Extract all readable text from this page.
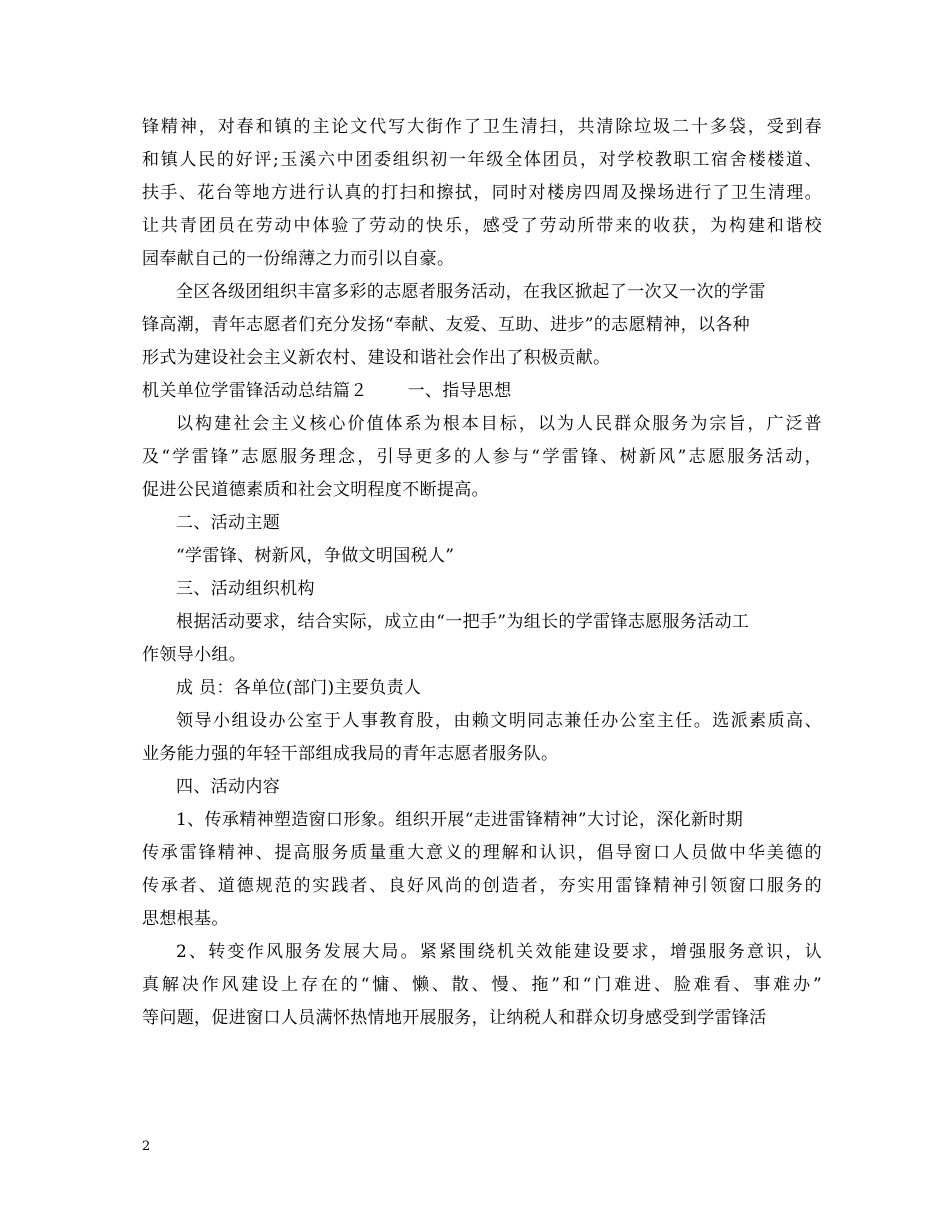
锋精神，对春和镇的主论文代写大街作了卫生清扫，共清除垃圾二十多袋，受到春
和镇人民的好评;玉溪六中团委组织初一年级全体团员，对学校教职工宿舍楼楼道、
扶手、花台等地方进行认真的打扫和擦拭，同时对楼房四周及操场进行了卫生清理。
让共青团员在劳动中体验了劳动的快乐，感受了劳动所带来的收获，为构建和谐校
园奉献自己的一份绵薄之力而引以自豪。
全区各级团组织丰富多彩的志愿者服务活动，在我区掀起了一次又一次的学雷
锋高潮，青年志愿者们充分发扬“奉献、友爱、互助、进步”的志愿精神，以各种
形式为建设社会主义新农村、建设和谐社会作出了积极贡献。
机关单位学雷锋活动总结篇２ 一、指导思想
以构建社会主义核心价值体系为根本目标，以为人民群众服务为宗旨，广泛普
及“学雷锋”志愿服务理念，引导更多的人参与“学雷锋、树新风”志愿服务活动，
促进公民道德素质和社会文明程度不断提高。
二、活动主题
“学雷锋、树新风，争做文明国税人”
三、活动组织机构
根据活动要求，结合实际，成立由“一把手”为组长的学雷锋志愿服务活动工
作领导小组。
成 员：各单位(部门)主要负责人
领导小组设办公室于人事教育股，由赖文明同志兼任办公室主任。选派素质高、
业务能力强的年轻干部组成我局的青年志愿者服务队。
四、活动内容
1、传承精神塑造窗口形象。组织开展“走进雷锋精神”大讨论，深化新时期
传承雷锋精神、提高服务质量重大意义的理解和认识，倡导窗口人员做中华美德的
传承者、道德规范的实践者、良好风尚的创造者，夯实用雷锋精神引领窗口服务的
思想根基。
2、转变作风服务发展大局。紧紧围绕机关效能建设要求，增强服务意识，认
真解决作风建设上存在的“慵、懒、散、慢、拖”和“门难进、脸难看、事难办”
等问题，促进窗口人员满怀热情地开展服务，让纳税人和群众切身感受到学雷锋活
2
